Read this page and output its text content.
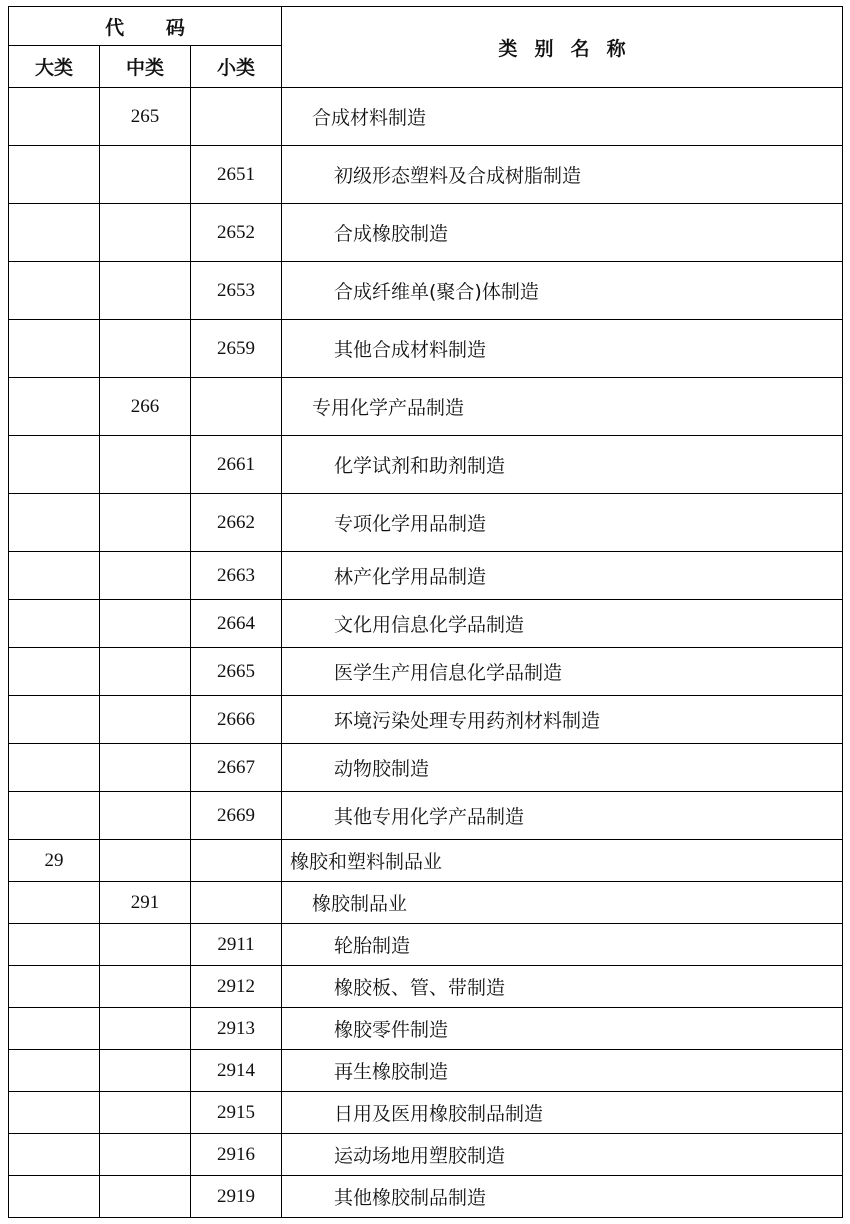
代码			类别名称
大类	中类	小类	
	265		合成材料制造
		2651	初级形态塑料及合成树脂制造
		2652	合成橡胶制造
		2653	合成纤维单(聚合)体制造
		2659	其他合成材料制造
	266		专用化学产品制造
		2661	化学试剂和助剂制造
		2662	专项化学用品制造
		2663	林产化学用品制造
		2664	文化用信息化学品制造
		2665	医学生产用信息化学品制造
		2666	环境污染处理专用药剂材料制造
		2667	动物胶制造
		2669	其他专用化学产品制造
29			橡胶和塑料制品业
	291		橡胶制品业
		2911	轮胎制造
		2912	橡胶板、管、带制造
		2913	橡胶零件制造
		2914	再生橡胶制造
		2915	日用及医用橡胶制品制造
		2916	运动场地用塑胶制造
		2919	其他橡胶制品制造
